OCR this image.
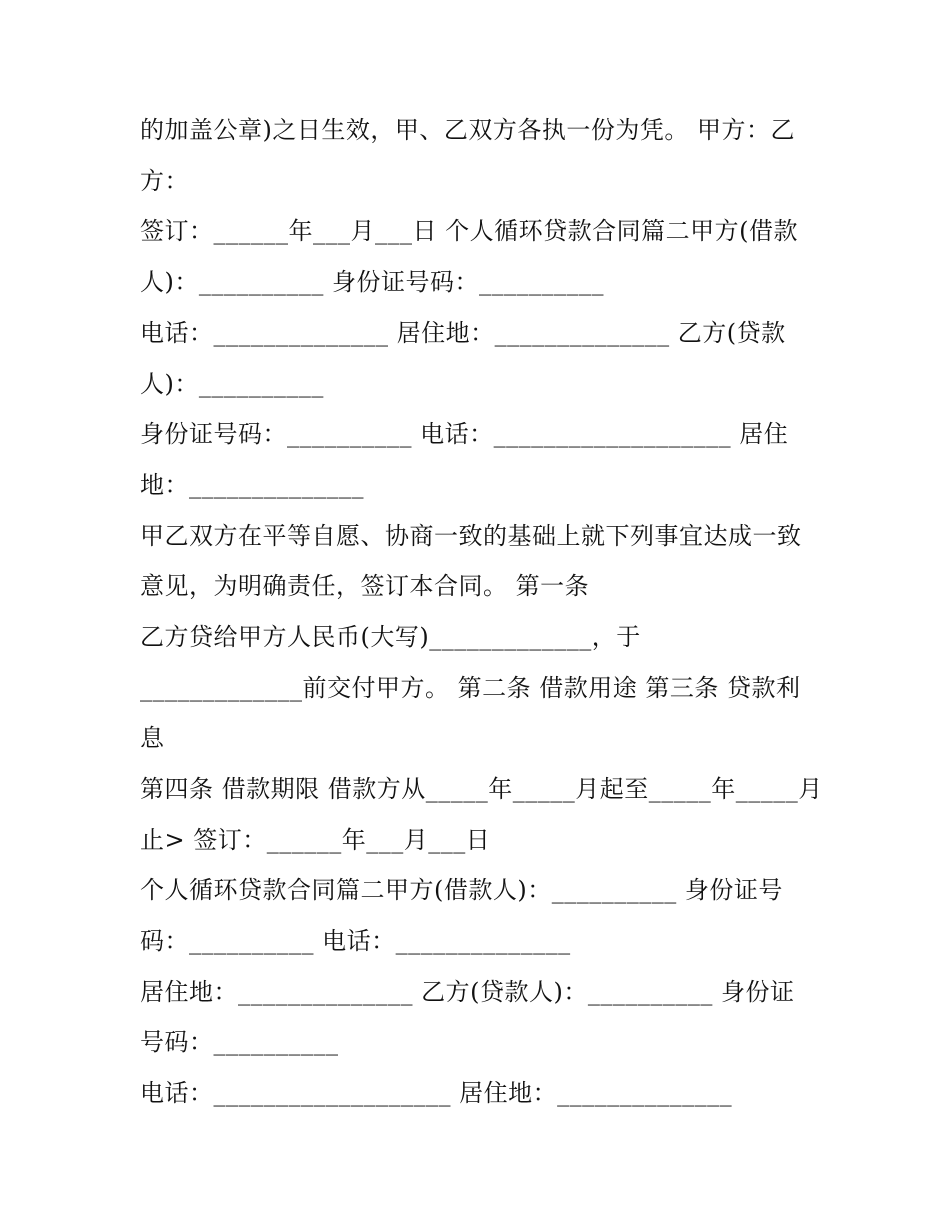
的加盖公章)之日生效，甲、乙双方各执一份为凭。 甲方：乙
方：
签订：______年___月___日 个人循环贷款合同篇二甲方(借款
人)：__________ 身份证号码：__________
电话：______________ 居住地：______________ 乙方(贷款
人)：__________
身份证号码：__________ 电话：___________________ 居住
地：______________
甲乙双方在平等自愿、协商一致的基础上就下列事宜达成一致
意见，为明确责任，签订本合同。 第一条
乙方贷给甲方人民币(大写)_____________，于
_____________前交付甲方。 第二条 借款用途 第三条 贷款利
息
第四条 借款期限 借款方从_____年_____月起至_____年_____月
止> 签订：______年___月___日
个人循环贷款合同篇二甲方(借款人)：__________ 身份证号
码：__________ 电话：______________
居住地：______________ 乙方(贷款人)：__________ 身份证
号码：__________
电话：___________________ 居住地：______________
